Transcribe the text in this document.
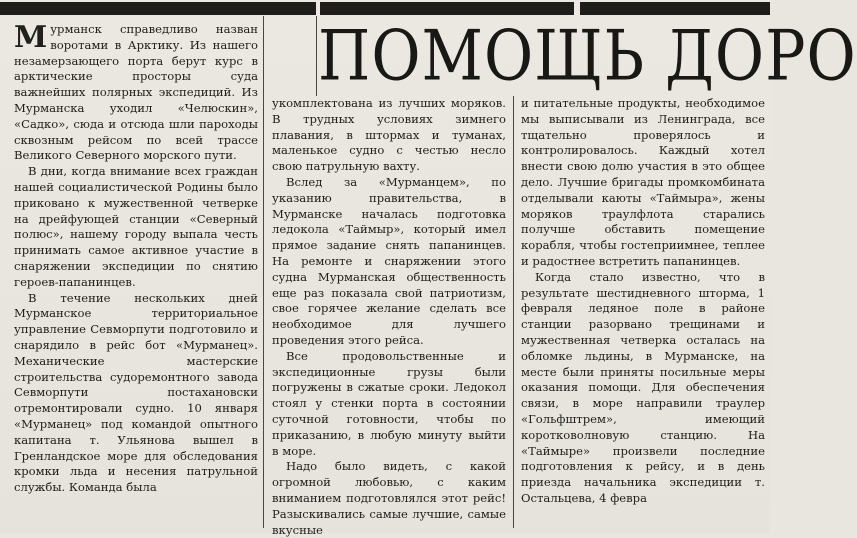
ПОМОЩЬ ДОРО

Мурманск справедливо назван воротами в Арктику. Из нашего незамерзающего порта берут курс в арктические просторы суда важнейших полярных экспедиций. Из Мурманска уходил «Челюскин», «Садко», сюда и отсюда шли пароходы сквозным рейсом по всей трассе Великого Северного морского пути.

В дни, когда внимание всех граждан нашей социалистической Родины было приковано к мужественной четверке на дрейфующей станции «Северный полюс», нашему городу выпала честь принимать самое активное участие в снаряжении экспедиции по снятию героев-папанинцев.

В течение нескольких дней Мурманское территориальное управление Севморпути подготовило и снарядило в рейс бот «Мурманец». Механические мастерские строительства судоремонтного завода Севморпути постахановски отремонтировали судно. 10 января «Мурманец» под командой опытного капитана т. Ульянова вышел в Гренландское море для обследования кромки льда и несения патрульной службы. Команда была

укомплектована из лучших моряков. В трудных условиях зимнего плавания, в штормах и туманах, маленькое судно с честью несло свою патрульную вахту.

Вслед за «Мурманцем», по указанию правительства, в Мурманске началась подготовка ледокола «Таймыр», который имел прямое задание снять папанинцев. На ремонте и снаряжении этого судна Мурманская общественность еще раз показала свой патриотизм, свое горячее желание сделать все необходимое для лучшего проведения этого рейса.

Все продовольственные и экспедиционные грузы были погружены в сжатые сроки. Ледокол стоял у стенки порта в состоянии суточной готовности, чтобы по приказанию, в любую минуту выйти в море.

Надо было видеть, с какой огромной любовью, с каким вниманием подготовлялся этот рейс! Разыскивались самые лучшие, самые вкусные

и питательные продукты, необходимое мы выписывали из Ленинграда, все тщательно проверялось и контролировалось. Каждый хотел внести свою долю участия в это общее дело. Лучшие бригады промкомбината отделывали каюты «Таймыра», жены моряков траулфлота старались получше обставить помещение корабля, чтобы гостеприимнее, теплее и радостнее встретить папанинцев.

Когда стало известно, что в результате шестидневного шторма, 1 февраля ледяное поле в районе станции разорвано трещинами и мужественная четверка осталась на обломке льдины, в Мурманске, на месте были приняты посильные меры оказания помощи. Для обеспечения связи, в море направили траулер «Гольфштрем», имеющий коротковолновую станцию. На «Таймыре» произвели последние подготовления к рейсу, и в день приезда начальника экспедиции т. Остальцева, 4 февра
